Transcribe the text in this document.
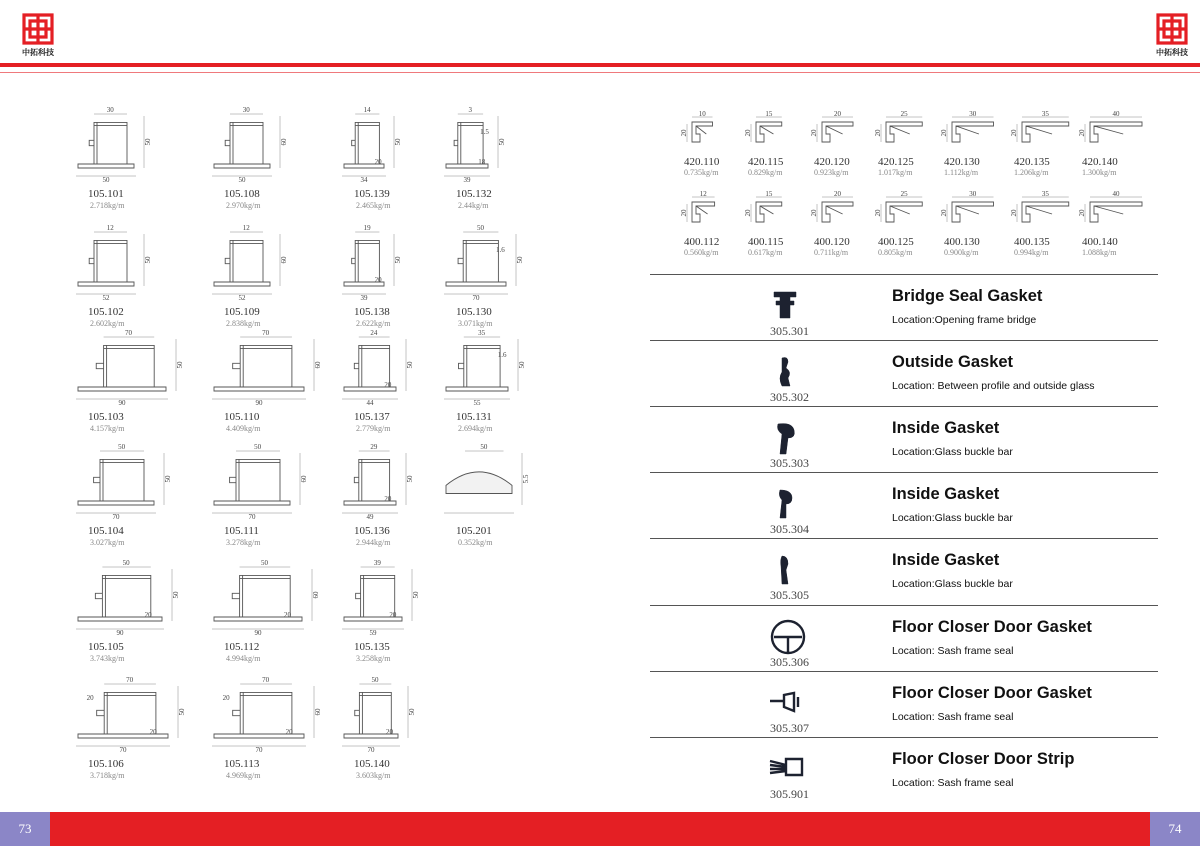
中拓科技	中拓科技
30
50
50
105.101
2.718kg/m
30
60
50
105.108
2.970kg/m
14
50
34
20
105.139
2.465kg/m
3
50
39
18
1.5
105.132
2.44kg/m
12
50
52
105.102
2.602kg/m
12
60
52
105.109
2.838kg/m
19
50
39
20
105.138
2.622kg/m
50
50
70
1.6
105.130
3.071kg/m
70
50
90
105.103
4.157kg/m
70
60
90
105.110
4.409kg/m
24
50
44
20
105.137
2.779kg/m
35
50
55
1.6
105.131
2.694kg/m
50
50
70
105.104
3.027kg/m
50
60
70
105.111
3.278kg/m
29
50
49
20
105.136
2.944kg/m
50
5.5
105.201
0.352kg/m
50
50
90
20
105.105
3.743kg/m
50
60
90
20
105.112
4.994kg/m
39
50
59
20
105.135
3.258kg/m
70
50
70
20
20
105.106
3.718kg/m
70
60
70
20
20
105.113
4.969kg/m
50
50
70
20
105.140
3.603kg/m
10
20
420.110
0.735kg/m
15
20
420.115
0.829kg/m
20
20
420.120
0.923kg/m
25
20
420.125
1.017kg/m
30
20
420.130
1.112kg/m
35
20
420.135
1.206kg/m
40
20
420.140
1.300kg/m
12
20
400.112
0.560kg/m
15
20
400.115
0.617kg/m
20
20
400.120
0.711kg/m
25
20
400.125
0.805kg/m
30
20
400.130
0.900kg/m
35
20
400.135
0.994kg/m
40
20
400.140
1.088kg/m
305.301
Bridge Seal Gasket
Location:Opening frame bridge
305.302
Outside Gasket
Location: Between profile and outside glass
305.303
Inside Gasket
Location:Glass buckle bar
305.304
Inside Gasket
Location:Glass buckle bar
305.305
Inside Gasket
Location:Glass buckle bar
305.306
Floor Closer Door Gasket
Location: Sash frame seal
305.307
Floor Closer Door Gasket
Location: Sash frame seal
305.901
Floor Closer Door Strip
Location: Sash frame seal
73	74
